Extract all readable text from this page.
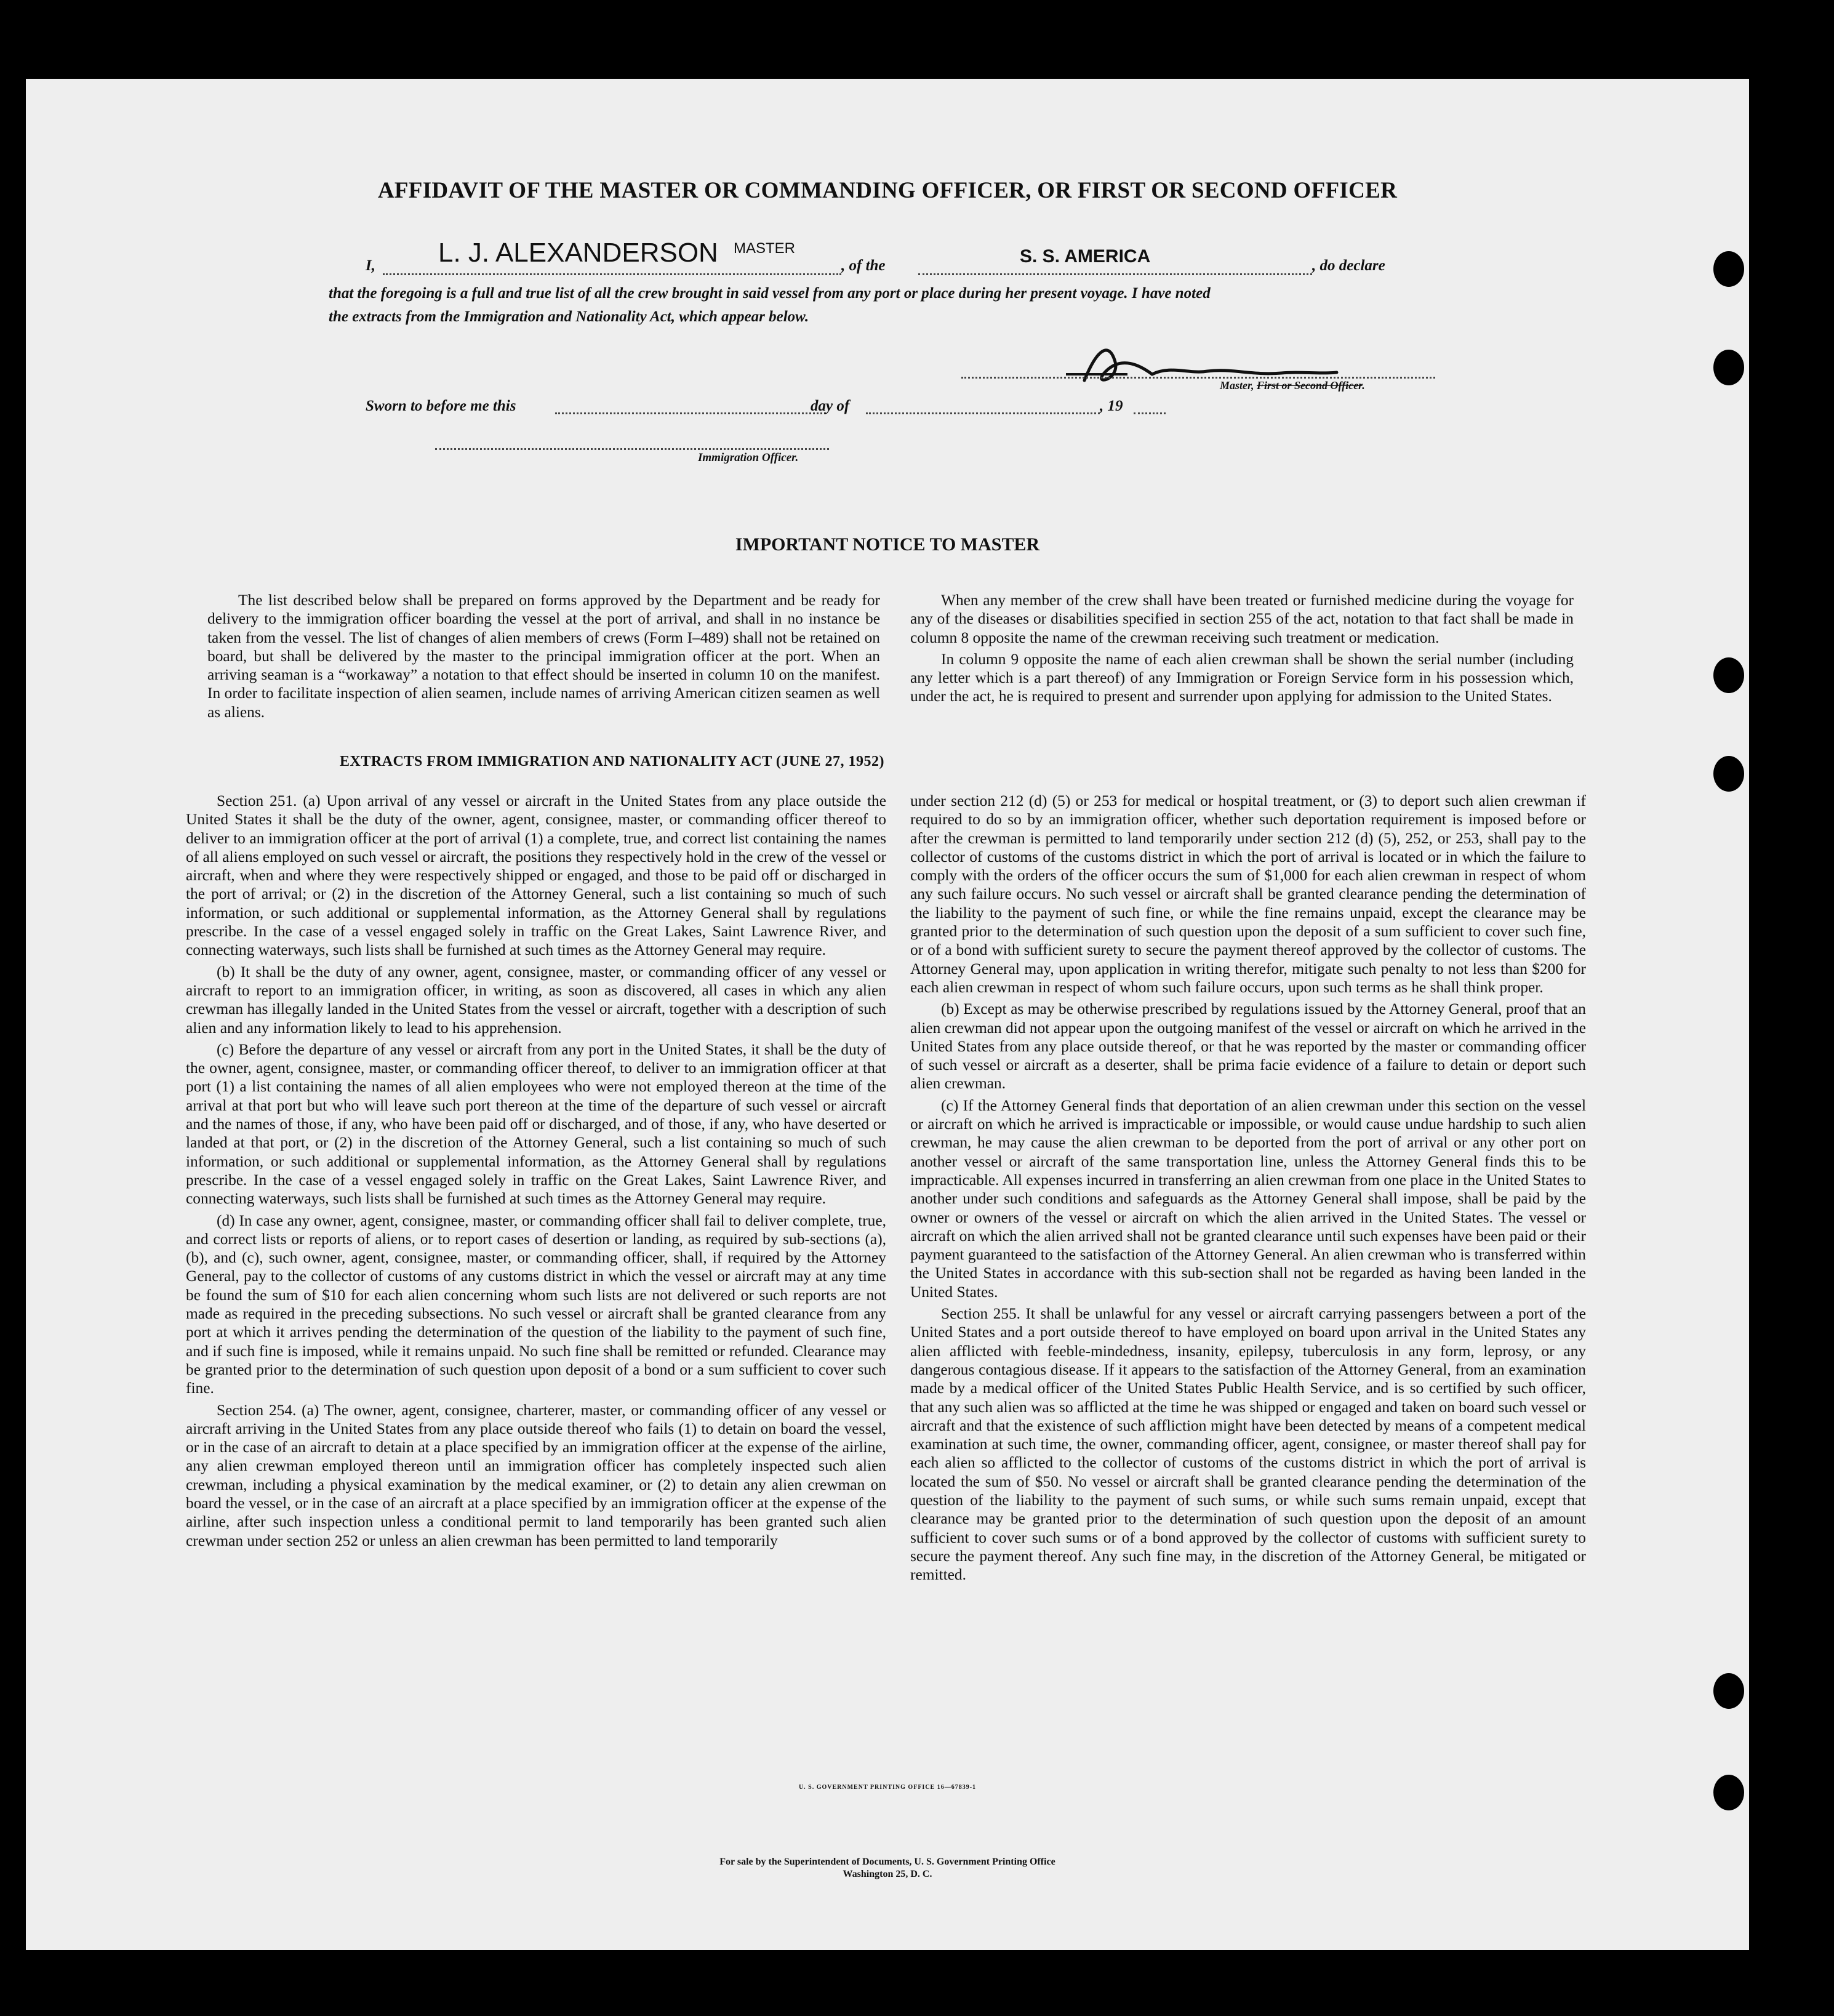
AFFIDAVIT OF THE MASTER OR COMMANDING OFFICER, OR FIRST OR SECOND OFFICER
I, L. J. ALEXANDERSON MASTER
, of the	S. S. AMERICA	, do declare
that the foregoing is a full and true list of all the crew brought in said vessel from any port or place during her present voyage. I have noted
the extracts from the Immigration and Nationality Act, which appear below.
Master, First or Second Officer.
Sworn to before me this	day of	, 19
Immigration Officer.
IMPORTANT NOTICE TO MASTER

The list described below shall be prepared on forms approved by the Department and be ready for delivery to the immigration officer boarding the vessel at the port of arrival, and shall in no instance be taken from the vessel. The list of changes of alien members of crews (Form I–489) shall not be retained on board, but shall be delivered by the master to the principal immigration officer at the port. When an arriving seaman is a “workaway” a notation to that effect should be inserted in column 10 on the manifest. In order to facilitate inspection of alien seamen, include names of arriving American citizen seamen as well as aliens.

When any member of the crew shall have been treated or furnished medicine during the voyage for any of the diseases or disabilities specified in section 255 of the act, notation to that fact shall be made in column 8 opposite the name of the crewman receiving such treatment or medication.

In column 9 opposite the name of each alien crewman shall be shown the serial number (including any letter which is a part thereof) of any Immigration or Foreign Service form in his possession which, under the act, he is required to present and surrender upon applying for admission to the United States.

EXTRACTS FROM IMMIGRATION AND NATIONALITY ACT (JUNE 27, 1952)

Section 251. (a) Upon arrival of any vessel or aircraft in the United States from any place outside the United States it shall be the duty of the owner, agent, consignee, master, or commanding officer thereof to deliver to an immigration officer at the port of arrival (1) a complete, true, and correct list containing the names of all aliens employed on such vessel or aircraft, the positions they respectively hold in the crew of the vessel or aircraft, when and where they were respectively shipped or engaged, and those to be paid off or discharged in the port of arrival; or (2) in the discretion of the Attorney General, such a list containing so much of such information, or such additional or supplemental information, as the Attorney General shall by regulations prescribe. In the case of a vessel engaged solely in traffic on the Great Lakes, Saint Lawrence River, and connecting waterways, such lists shall be furnished at such times as the Attorney General may require.

(b) It shall be the duty of any owner, agent, consignee, master, or commanding officer of any vessel or aircraft to report to an immigration officer, in writing, as soon as discovered, all cases in which any alien crewman has illegally landed in the United States from the vessel or aircraft, together with a description of such alien and any information likely to lead to his apprehension.

(c) Before the departure of any vessel or aircraft from any port in the United States, it shall be the duty of the owner, agent, consignee, master, or commanding officer thereof, to deliver to an immigration officer at that port (1) a list containing the names of all alien employees who were not employed thereon at the time of the arrival at that port but who will leave such port thereon at the time of the departure of such vessel or aircraft and the names of those, if any, who have been paid off or discharged, and of those, if any, who have deserted or landed at that port, or (2) in the discretion of the Attorney General, such a list containing so much of such information, or such additional or supplemental information, as the Attorney General shall by regulations prescribe. In the case of a vessel engaged solely in traffic on the Great Lakes, Saint Lawrence River, and connecting waterways, such lists shall be furnished at such times as the Attorney General may require.

(d) In case any owner, agent, consignee, master, or commanding officer shall fail to deliver complete, true, and correct lists or reports of aliens, or to report cases of desertion or landing, as required by sub-sections (a), (b), and (c), such owner, agent, consignee, master, or commanding officer, shall, if required by the Attorney General, pay to the collector of customs of any customs district in which the vessel or aircraft may at any time be found the sum of $10 for each alien concerning whom such lists are not delivered or such reports are not made as required in the preceding subsections. No such vessel or aircraft shall be granted clearance from any port at which it arrives pending the determination of the question of the liability to the payment of such fine, and if such fine is imposed, while it remains unpaid. No such fine shall be remitted or refunded. Clearance may be granted prior to the determination of such question upon deposit of a bond or a sum sufficient to cover such fine.

Section 254. (a) The owner, agent, consignee, charterer, master, or commanding officer of any vessel or aircraft arriving in the United States from any place outside thereof who fails (1) to detain on board the vessel, or in the case of an aircraft to detain at a place specified by an immigration officer at the expense of the airline, any alien crewman employed thereon until an immigration officer has completely inspected such alien crewman, including a physical examination by the medical examiner, or (2) to detain any alien crewman on board the vessel, or in the case of an aircraft at a place specified by an immigration officer at the expense of the airline, after such inspection unless a conditional permit to land temporarily has been granted such alien crewman under section 252 or unless an alien crewman has been permitted to land temporarily

under section 212 (d) (5) or 253 for medical or hospital treatment, or (3) to deport such alien crewman if required to do so by an immigration officer, whether such deportation requirement is imposed before or after the crewman is permitted to land temporarily under section 212 (d) (5), 252, or 253, shall pay to the collector of customs of the customs district in which the port of arrival is located or in which the failure to comply with the orders of the officer occurs the sum of $1,000 for each alien crewman in respect of whom any such failure occurs. No such vessel or aircraft shall be granted clearance pending the determination of the liability to the payment of such fine, or while the fine remains unpaid, except the clearance may be granted prior to the determination of such question upon the deposit of a sum sufficient to cover such fine, or of a bond with sufficient surety to secure the payment thereof approved by the collector of customs. The Attorney General may, upon application in writing therefor, mitigate such penalty to not less than $200 for each alien crewman in respect of whom such failure occurs, upon such terms as he shall think proper.

(b) Except as may be otherwise prescribed by regulations issued by the Attorney General, proof that an alien crewman did not appear upon the outgoing manifest of the vessel or aircraft on which he arrived in the United States from any place outside thereof, or that he was reported by the master or commanding officer of such vessel or aircraft as a deserter, shall be prima facie evidence of a failure to detain or deport such alien crewman.

(c) If the Attorney General finds that deportation of an alien crewman under this section on the vessel or aircraft on which he arrived is impracticable or impossible, or would cause undue hardship to such alien crewman, he may cause the alien crewman to be deported from the port of arrival or any other port on another vessel or aircraft of the same transportation line, unless the Attorney General finds this to be impracticable. All expenses incurred in transferring an alien crewman from one place in the United States to another under such conditions and safeguards as the Attorney General shall impose, shall be paid by the owner or owners of the vessel or aircraft on which the alien arrived in the United States. The vessel or aircraft on which the alien arrived shall not be granted clearance until such expenses have been paid or their payment guaranteed to the satisfaction of the Attorney General. An alien crewman who is transferred within the United States in accordance with this sub-section shall not be regarded as having been landed in the United States.

Section 255. It shall be unlawful for any vessel or aircraft carrying passengers between a port of the United States and a port outside thereof to have employed on board upon arrival in the United States any alien afflicted with feeble-mindedness, insanity, epilepsy, tuberculosis in any form, leprosy, or any dangerous contagious disease. If it appears to the satisfaction of the Attorney General, from an examination made by a medical officer of the United States Public Health Service, and is so certified by such officer, that any such alien was so afflicted at the time he was shipped or engaged and taken on board such vessel or aircraft and that the existence of such affliction might have been detected by means of a competent medical examination at such time, the owner, commanding officer, agent, consignee, or master thereof shall pay for each alien so afflicted to the collector of customs of the customs district in which the port of arrival is located the sum of $50. No vessel or aircraft shall be granted clearance pending the determination of the question of the liability to the payment of such sums, or while such sums remain unpaid, except that clearance may be granted prior to the determination of such question upon the deposit of an amount sufficient to cover such sums or of a bond approved by the collector of customs with sufficient surety to secure the payment thereof. Any such fine may, in the discretion of the Attorney General, be mitigated or remitted.

U. S. GOVERNMENT PRINTING OFFICE 16—67839-1
For sale by the Superintendent of Documents, U. S. Government Printing Office
Washington 25, D. C.
